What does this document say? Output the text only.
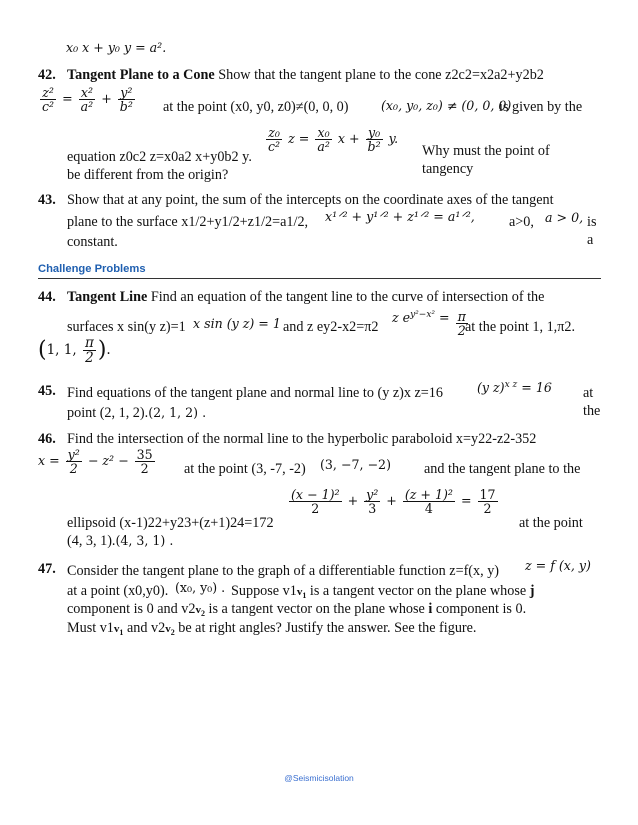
x₀ x + y₀ y = a².
42. Tangent Plane to a Cone Show that the tangent plane to the cone z2c2=x2a2+y2b2
$\frac{\text{z²}}{\text{c²}} = \frac{\text{x²}}{\text{a²}} + \frac{\text{y²}}{\text{b²}}$ at the point (x0, y0, z0)≠(0, 0, 0)	(x₀, y₀, z₀) ≠ (0, 0, 0)
is given by the
equation z0c2 z=x0a2 x+y0b2 y.
$\frac{\text{z₀}}{\text{c²}}$ $z = \frac{\text{x₀}}{\text{a²}}$ $x + \frac{\text{y₀}}{\text{b²}} y$.
Why must the point of tangency
be different from the origin?
43. Show that at any point, the sum of the intercepts on the coordinate axes of the tangent
plane to the surface x1/2+y1/2+z1/2=a1/2, x¹ᐟ² + y¹ᐟ² + z¹ᐟ² = a¹ᐟ², a>0, a > 0, is a
constant.
Challenge Problems
44. Tangent Line Find an equation of the tangent line to the curve of intersection of the
surfaces x sin(y z)=1 x sin (y z) = 1 and z ey2-x2=π2
z $e^{y^2-x^2} = \frac{\pi}{2}$
at the point 1, 1,π2.
(1, 1, $\frac{\pi}{2}$ ).
45. Find equations of the tangent plane and normal line to (y z)x z=16	(y z)$^{x z}$ = 16 at the
point (2, 1, 2).(2, 1, 2) .
46. Find the intersection of the normal line to the hyperbolic paraboloid x=y22-z2-352
$x = \frac{\text{y²}}{2} - z^2 - \frac{35}{2}$ at the point (3, -7, -2) (3, −7, −2) and the tangent plane to the
ellipsoid (x-1)22+y23+(z+1)24=172
$\frac{\text{(x − 1)²}}{2} + \frac{\text{y²}}{3} + \frac{\text{(z + 1)²}}{4} = \frac{17}{2}$
at the point
(4, 3, 1).(4, 3, 1) .
47. Consider the tangent plane to the graph of a differentiable function z=f(x, y) z = f (x, y)
at a point (x0,y0). (x₀, y₀) . Suppose $v1v_1$ is a tangent vector on the plane whose j
component is 0 and $v2v_2$ is a tangent vector on the plane whose i component is 0.
Must $v1v_1$ and $v2v_2$ be at right angles? Justify the answer. See the figure.
@Seismicisolation
